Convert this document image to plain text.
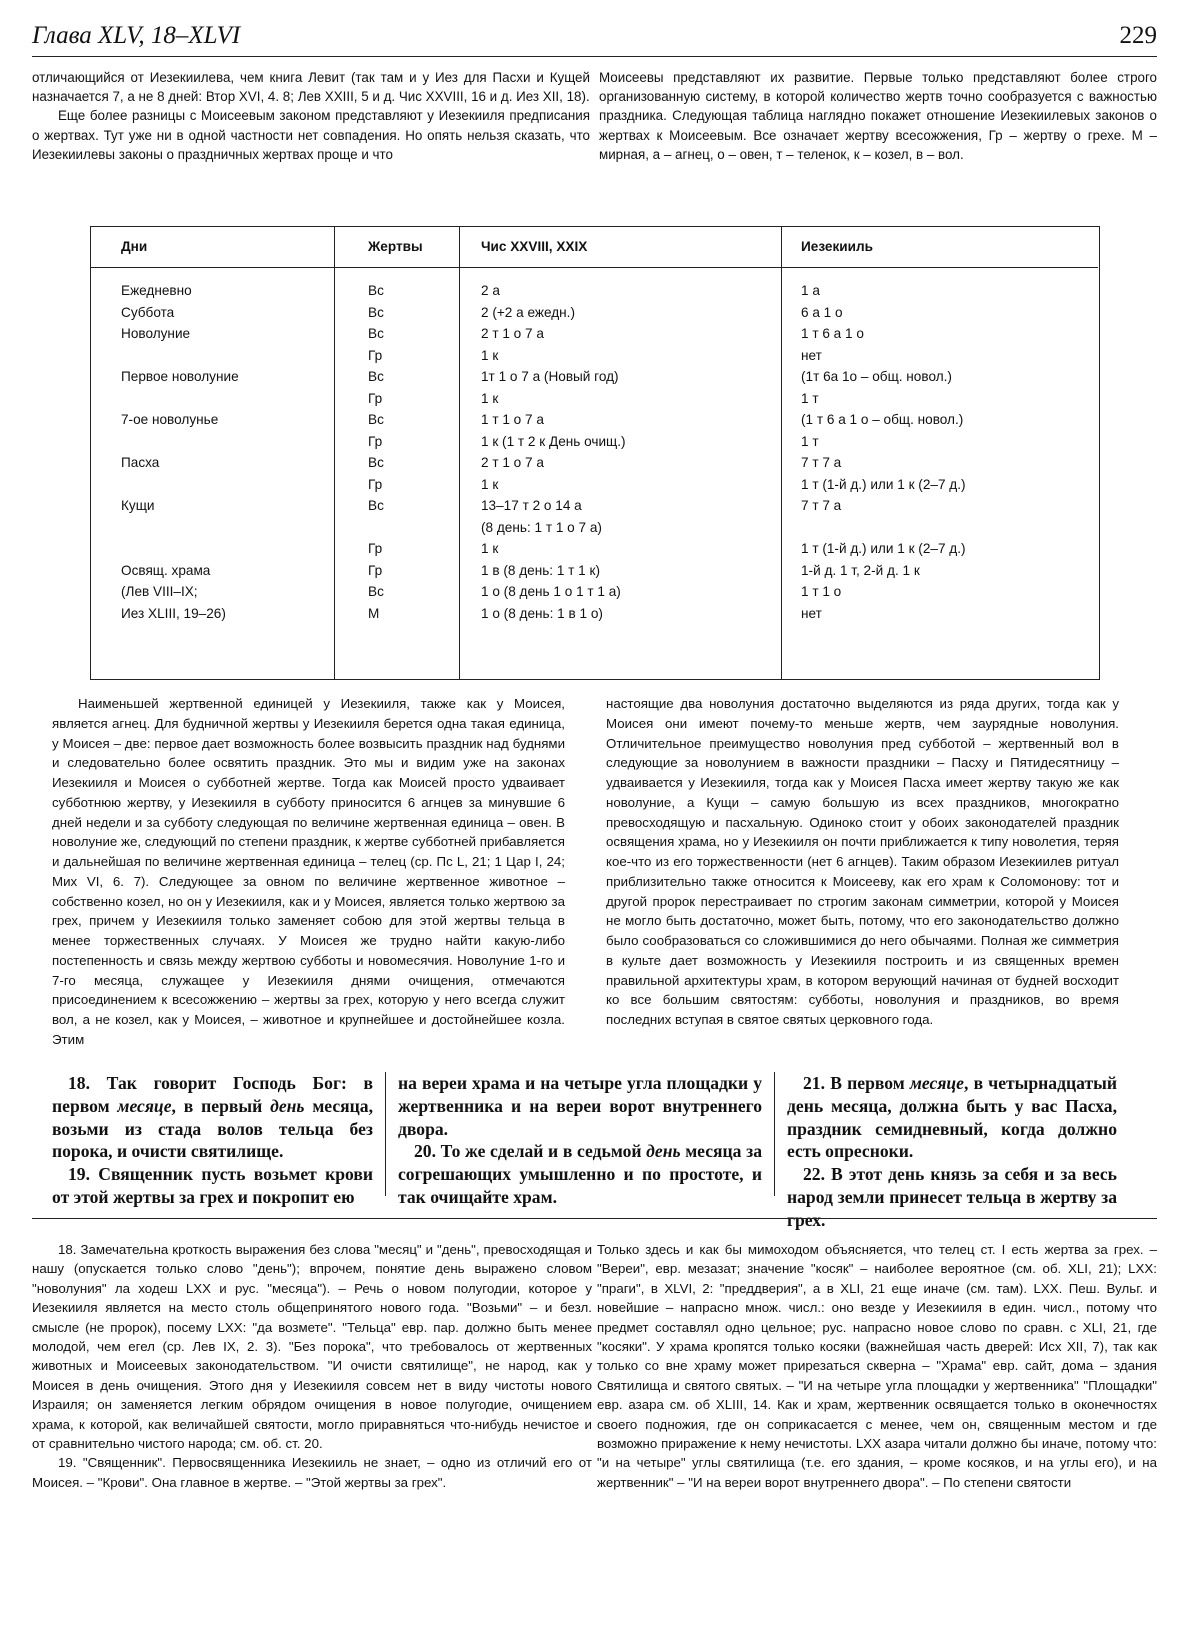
Глава XLV, 18–XLVI	229

отличающийся от Иезекиилева, чем книга Левит (так там и у Иез для Пасхи и Кущей назначается 7, а не 8 дней: Втор XVI, 4. 8; Лев XXIII, 5 и д. Чис XXVIII, 16 и д. Иез XII, 18).

Еще более разницы с Моисеевым законом представляют у Иезекииля предписания о жертвах. Тут уже ни в одной частности нет совпадения. Но опять нельзя сказать, что Иезекиилевы законы о праздничных жертвах проще и что

Моисеевы представляют их развитие. Первые только представляют более строго организованную систему, в которой количество жертв точно сообразуется с важностью праздника. Следующая таблица наглядно покажет отношение Иезекиилевых законов о жертвах к Моисеевым. Все означает жертву всесожжения, Гр – жертву о грехе. М – мирная, а – агнец, о – овен, т – теленок, к – козел, в – вол.

Дни	Жертвы	Чис XXVIII, XXIX	Иезекииль

Ежедневно	Вс	2 а	1 а
Суббота	Вс	2 (+2 а ежедн.)	6 а 1 о
Новолуние	Вс	2 т 1 о 7 а	1 т 6 а 1 о
	Гр	1 к	нет
Первое новолуние	Вс	1т 1 о 7 а (Новый год)	(1т 6а 1о – общ. новол.)
	Гр	1 к	1 т
7-ое новолунье	Вс	1 т 1 о 7 а	(1 т 6 а 1 о – общ. новол.)
	Гр	1 к (1 т 2 к День очищ.)	1 т
Пасха	Вс	2 т 1 о 7 а	7 т 7 а
	Гр	1 к	1 т (1-й д.) или 1 к (2–7 д.)
Кущи	Вс	13–17 т 2 о 14 а	7 т 7 а
		(8 день: 1 т 1 о 7 а)	
	Гр	1 к	1 т (1-й д.) или 1 к (2–7 д.)
Освящ. храма	Гр	1 в (8 день: 1 т 1 к)	1-й д. 1 т, 2-й д. 1 к
(Лев VIII–IX;	Вс	1 о (8 день 1 о 1 т 1 а)	1 т 1 о
Иез XLIII, 19–26)	М	1 о (8 день: 1 в 1 о)	нет

Наименьшей жертвенной единицей у Иезекииля, также как у Моисея, является агнец. Для будничной жертвы у Иезекииля берется одна такая единица, у Моисея – две: первое дает возможность более возвысить праздник над буднями и следовательно более освятить праздник. Это мы и видим уже на законах Иезекииля и Моисея о субботней жертве. Тогда как Моисей просто удваивает субботнюю жертву, у Иезекииля в субботу приносится 6 агнцев за минувшие 6 дней недели и за субботу следующая по величине жертвенная единица – овен. В новолуние же, следующий по степени праздник, к жертве субботней прибавляется и дальнейшая по величине жертвенная единица – телец (ср. Пс L, 21; 1 Цар I, 24; Мих VI, 6. 7). Следующее за овном по величине жертвенное животное – собственно козел, но он у Иезекииля, как и у Моисея, является только жертвою за грех, причем у Иезекииля только заменяет собою для этой жертвы тельца в менее торжественных случаях. У Моисея же трудно найти какую-либо постепенность и связь между жертвою субботы и новомесячия. Новолуние 1-го и 7-го месяца, служащее у Иезекииля днями очищения, отмечаются присоединением к всесожжению – жертвы за грех, которую у него всегда служит вол, а не козел, как у Моисея, – животное и крупнейшее и достойнейшее козла. Этим

настоящие два новолуния достаточно выделяются из ряда других, тогда как у Моисея они имеют почему-то меньше жертв, чем заурядные новолуния. Отличительное преимущество новолуния пред субботой – жертвенный вол в следующие за новолунием в важности праздники – Пасху и Пятидесятницу – удваивается у Иезекииля, тогда как у Моисея Пасха имеет жертву такую же как новолуние, а Кущи – самую большую из всех праздников, многократно превосходящую и пасхальную. Одиноко стоит у обоих законодателей праздник освящения храма, но у Иезекииля он почти приближается к типу новолетия, теряя кое-что из его торжественности (нет 6 агнцев). Таким образом Иезекиилев ритуал приблизительно также относится к Моисееву, как его храм к Соломонову: тот и другой пророк перестраивает по строгим законам симметрии, которой у Моисея не могло быть достаточно, может быть, потому, что его законодательство должно было сообразоваться со сложившимися до него обычаями. Полная же симметрия в культе дает возможность у Иезекииля построить и из священных времен правильной архитектуры храм, в котором верующий начиная от будней восходит ко все большим святостям: субботы, новолуния и праздников, во время последних вступая в святое святых церковного года.

18. Так говорит Господь Бог: в первом месяце, в первый день месяца, возьми из стада волов тельца без порока, и очисти святилище.

19. Священник пусть возьмет крови от этой жертвы за грех и покропит ею

на вереи храма и на четыре угла площадки у жертвенника и на вереи ворот внутреннего двора.

20. То же сделай и в седьмой день месяца за согрешающих умышленно и по простоте, и так очищайте храм.

21. В первом месяце, в четырнадцатый день месяца, должна быть у вас Пасха, праздник семидневный, когда должно есть опресноки.

22. В этот день князь за себя и за весь народ земли принесет тельца в жертву за грех.

18. Замечательна кроткость выражения без слова "месяц" и "день", превосходящая и нашу (опускается только слово "день"); впрочем, понятие день выражено словом "новолуния" ла ходеш LXX и рус. "месяца"). – Речь о новом полугодии, которое у Иезекииля является на место столь общепринятого нового года. "Возьми" – и безл. смысле (не пророк), посему LXX: "да возмете". "Тельца" евр. пар. должно быть менее молодой, чем егел (ср. Лев IX, 2. 3). "Без порока", что требовалось от жертвенных животных и Моисеевых законодательством. "И очисти святилище", не народ, как у Моисея в день очищения. Этого дня у Иезекииля совсем нет в виду чистоты нового Израиля; он заменяется легким обрядом очищения в новое полугодие, очищением храма, к которой, как величайшей святости, могло приравняться что-нибудь нечистое и от сравнительно чистого народа; см. об. ст. 20.

19. "Священник". Первосвященника Иезекииль не знает, – одно из отличий его от Моисея. – "Крови". Она главное в жертве. – "Этой жертвы за грех".

Только здесь и как бы мимоходом объясняется, что телец ст. I есть жертва за грех. – "Вереи", евр. мезазат; значение "косяк" – наиболее вероятное (см. об. XLI, 21); LXX: "праги", в XLVI, 2: "преддверия", а в XLI, 21 еще иначе (см. там). LXX. Пеш. Вульг. и новейшие – напрасно множ. числ.: оно везде у Иезекииля в един. числ., потому что предмет составлял одно цельное; рус. напрасно новое слово по сравн. с XLI, 21, где "косяки". У храма кропятся только косяки (важнейшая часть дверей: Исх XII, 7), так как только со вне храму может прирезаться скверна – "Храма" евр. сайт, дома – здания Святилища и святого святых. – "И на четыре угла площадки у жертвенника" "Площадки" евр. азара см. об XLIII, 14. Как и храм, жертвенник освящается только в оконечностях своего подножия, где он соприкасается с менее, чем он, священным местом и где возможно приражение к нему нечистоты. LXX азара читали должно бы иначе, потому что: "и на четыре" углы святилища (т.е. его здания, – кроме косяков, и на углы его), и на жертвенник" – "И на вереи ворот внутреннего двора". – По степени святости
